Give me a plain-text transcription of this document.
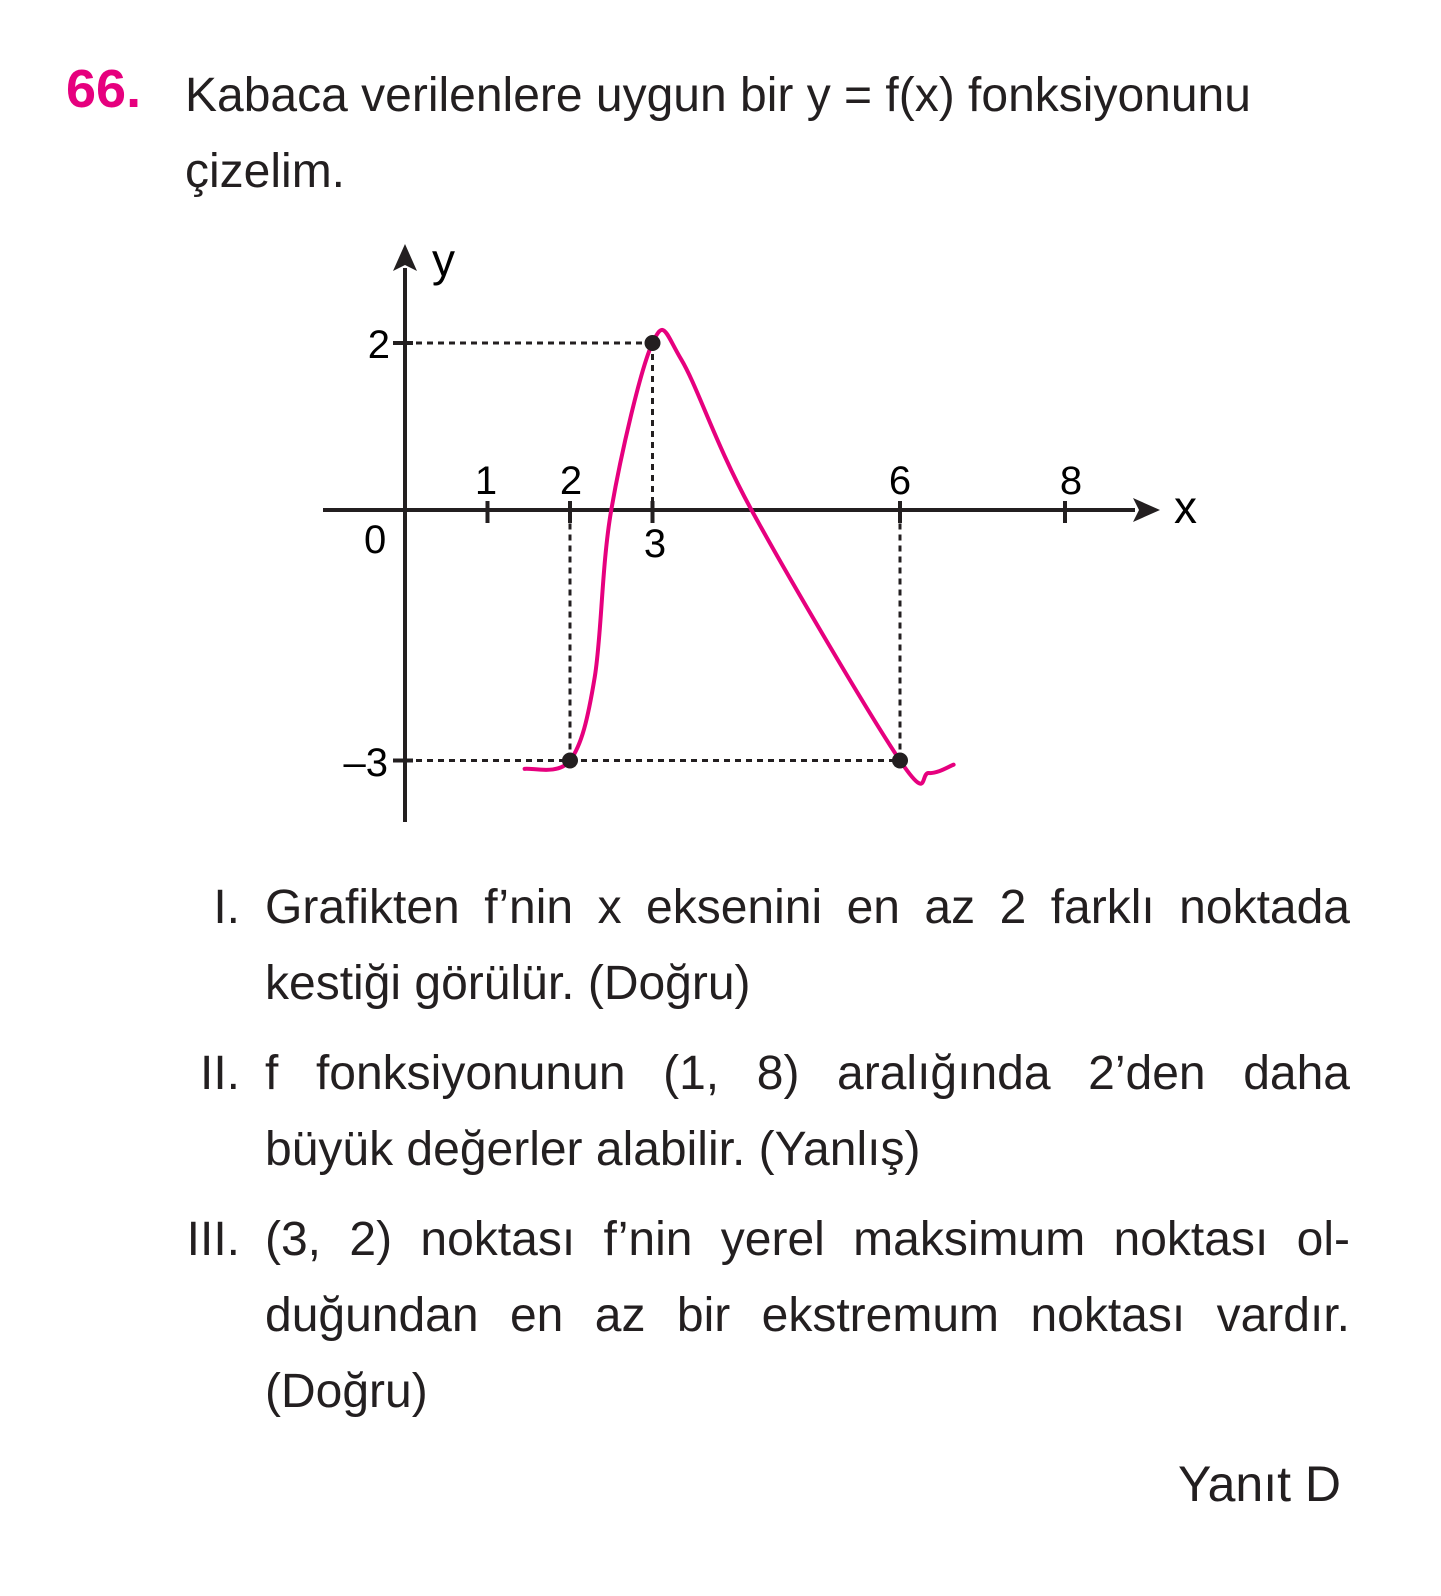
66. Kabaca verilenlere uygun bir y = f(x) fonksiyonunu
çizelim.
x
y
0
1 2	6	8
3
2
–3
I. Grafikten f’nin x eksenini en az 2 farklı noktada
kestiği görülür. (Doğru)
II. f fonksiyonunun (1, 8) aralığında 2’den daha
büyük değerler alabilir. (Yanlış)
III. (3, 2) noktası f’nin yerel maksimum noktası ol-
duğundan en az bir ekstremum noktası vardır.
(Doğru)
Yanıt D
